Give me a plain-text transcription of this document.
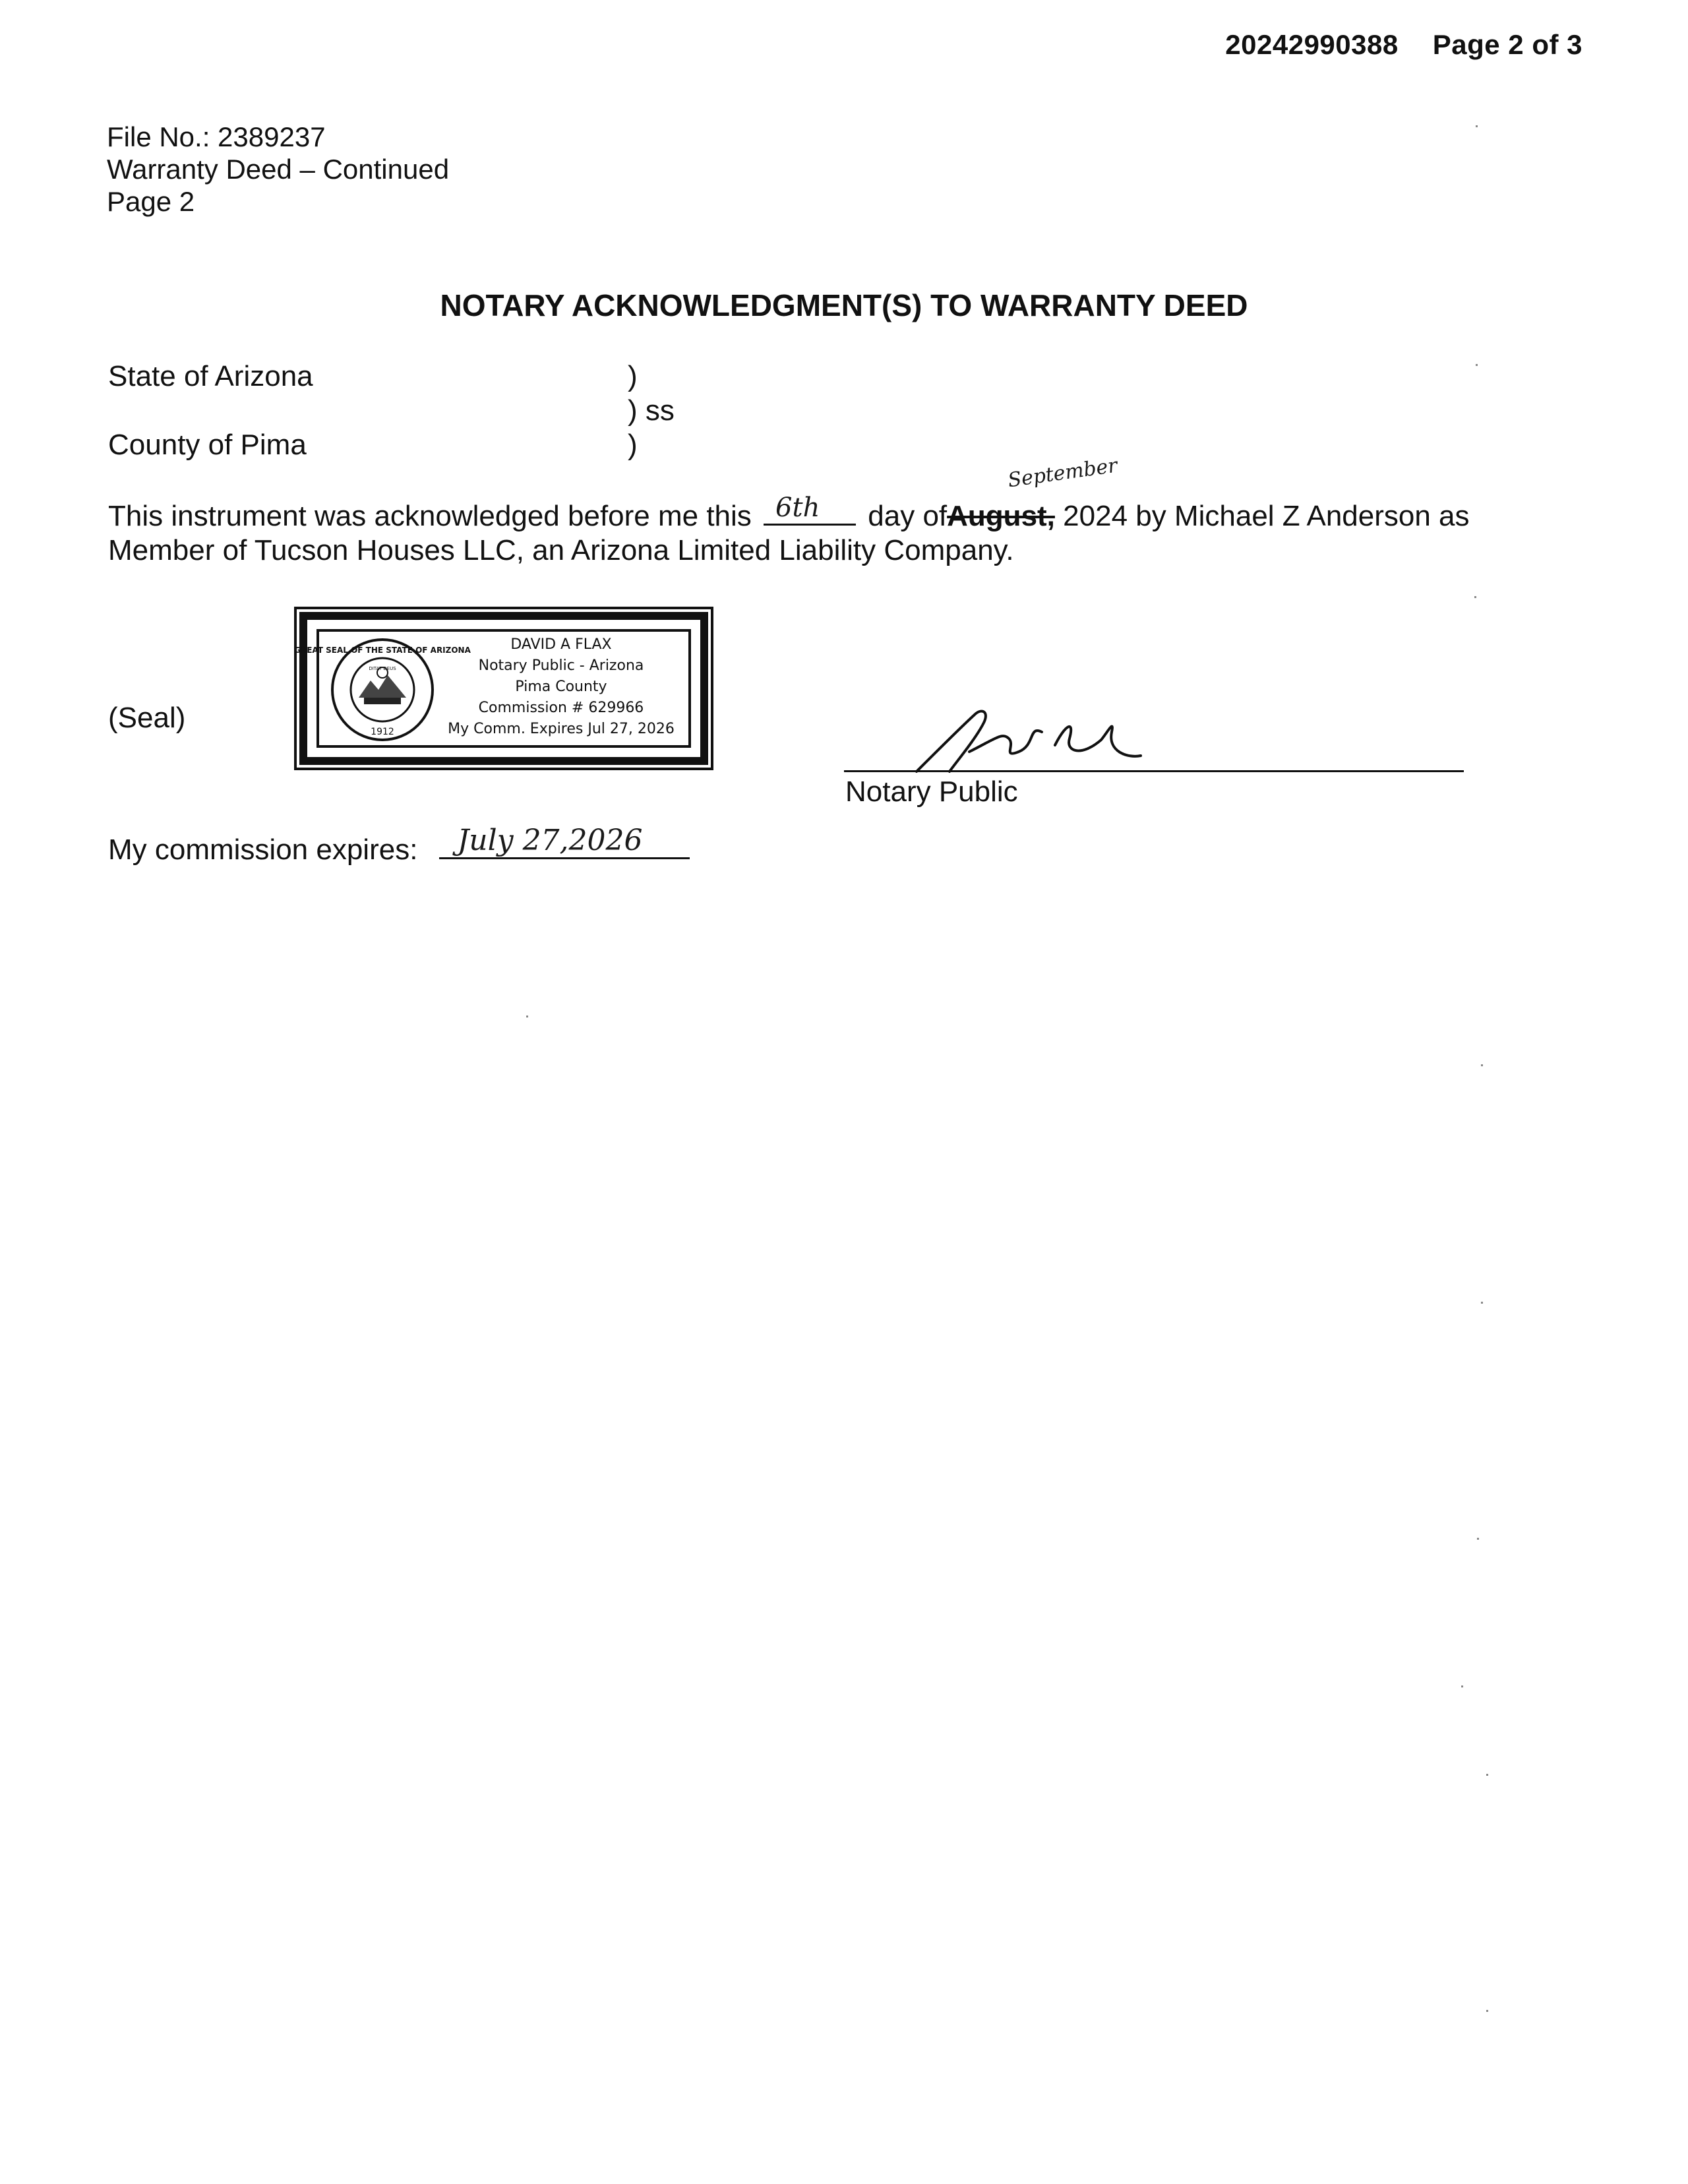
20242990388 Page 2 of 3
File No.: 2389237
Warranty Deed – Continued
Page 2
NOTARY ACKNOWLEDGMENT(S) TO WARRANTY DEED
State of Arizona
County of Pima
)
) ss
)
September
This instrument was acknowledged before me this 6th day ofAugust, 2024 by Michael Z Anderson as
Member of Tucson Houses LLC, an Arizona Limited Liability Company.
(Seal)
GREAT SEAL OF THE STATE OF ARIZONA
DITAT DEUS
1912
DAVID A FLAX
Notary Public - Arizona
Pima County
Commission # 629966
My Comm. Expires Jul 27, 2026
Notary Public
My commission expires: July 27,2026
